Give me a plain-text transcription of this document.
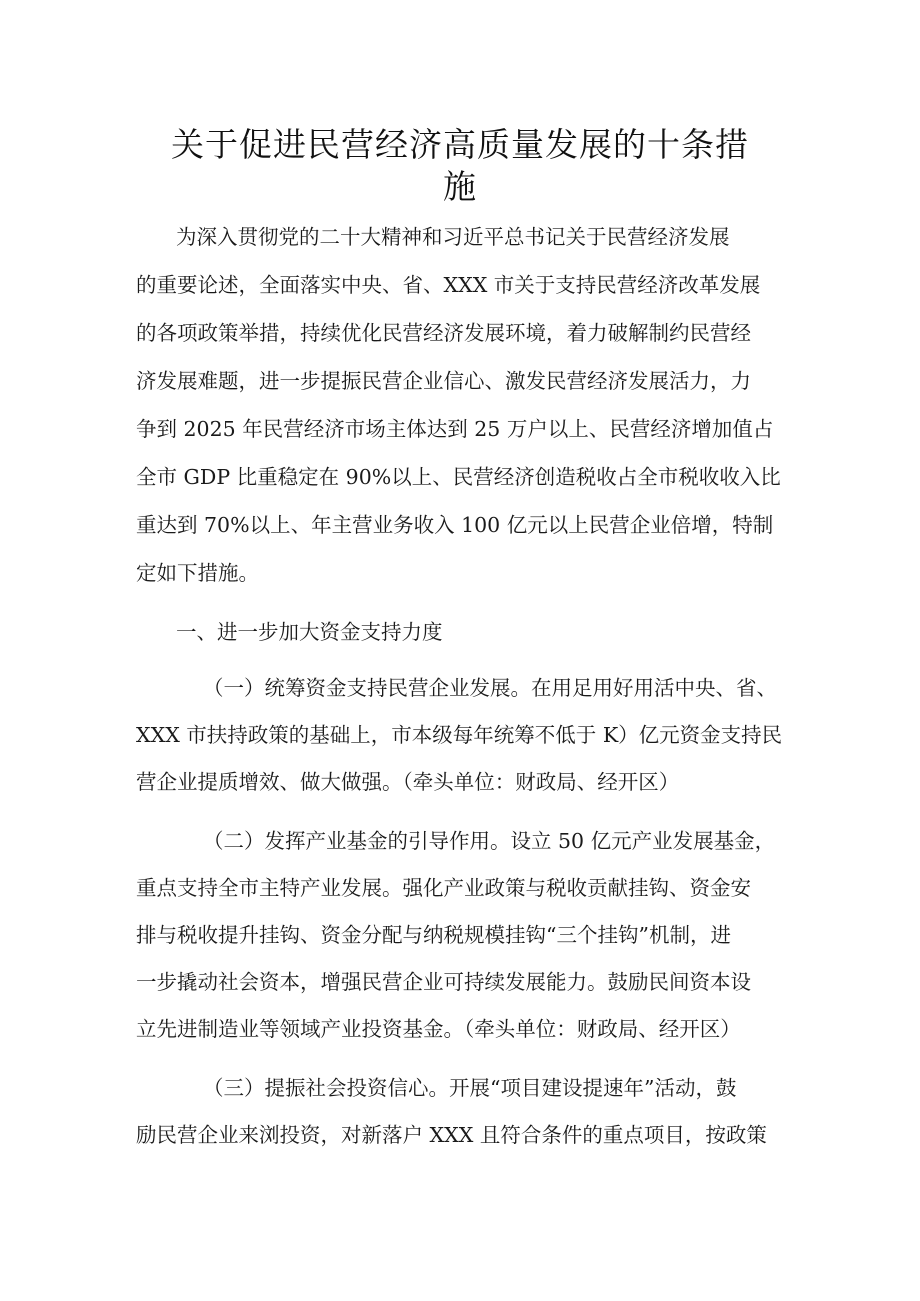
关于促进民营经济高质量发展的十条措
施
为深入贯彻党的二十大精神和习近平总书记关于民营经济发展
的重要论述，全面落实中央、省、XXX 市关于支持民营经济改革发展
的各项政策举措，持续优化民营经济发展环境，着力破解制约民营经
济发展难题，进一步提振民营企业信心、激发民营经济发展活力，力
争到 2025 年民营经济市场主体达到 25 万户以上、民营经济增加值占
全市 GDP 比重稳定在 90%以上、民营经济创造税收占全市税收收入比
重达到 70%以上、年主营业务收入 100 亿元以上民营企业倍增，特制
定如下措施。
一、进一步加大资金支持力度
（一）统筹资金支持民营企业发展。在用足用好用活中央、省、
XXX 市扶持政策的基础上，市本级每年统筹不低于 K）亿元资金支持民
营企业提质增效、做大做强。（牵头单位：财政局、经开区）
（二）发挥产业基金的引导作用。设立 50 亿元产业发展基金，
重点支持全市主特产业发展。强化产业政策与税收贡献挂钩、资金安
排与税收提升挂钩、资金分配与纳税规模挂钩“三个挂钩”机制，进
一步撬动社会资本，增强民营企业可持续发展能力。鼓励民间资本设
立先进制造业等领域产业投资基金。（牵头单位：财政局、经开区）
（三）提振社会投资信心。开展“项目建设提速年”活动，鼓
励民营企业来浏投资，对新落户 XXX 且符合条件的重点项目，按政策
